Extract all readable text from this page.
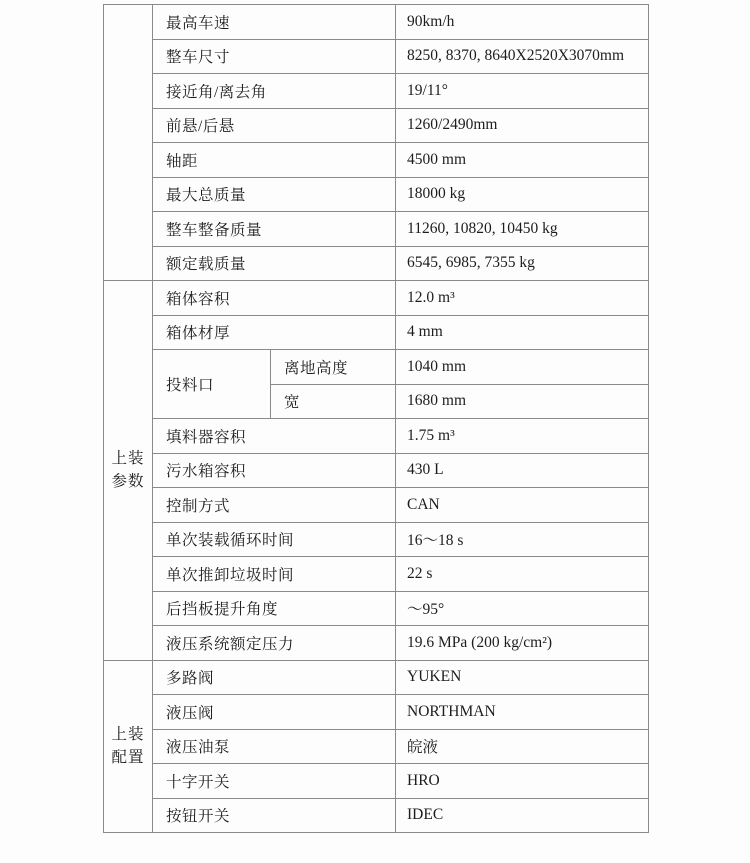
	最高车速		90km/h
	整车尺寸		8250, 8370, 8640X2520X3070mm
	接近角/离去角		19/11°
	前悬/后悬		1260/2490mm
	轴距		4500 mm
	最大总质量		18000 kg
	整车整备质量		11260, 10820, 10450 kg
	额定载质量		6545, 6985, 7355 kg
上装参数	箱体容积		12.0 m³
	箱体材厚		4 mm
	投料口	离地高度	1040 mm
		宽	1680 mm
	填料器容积		1.75 m³
	污水箱容积		430 L
	控制方式		CAN
	单次装载循环时间		16～18 s
	单次推卸垃圾时间		22 s
	后挡板提升角度		～95°
	液压系统额定压力		19.6 MPa (200 kg/cm²)
上装配置	多路阀		YUKEN
	液压阀		NORTHMAN
	液压油泵		皖液
	十字开关		HRO
	按钮开关		IDEC
